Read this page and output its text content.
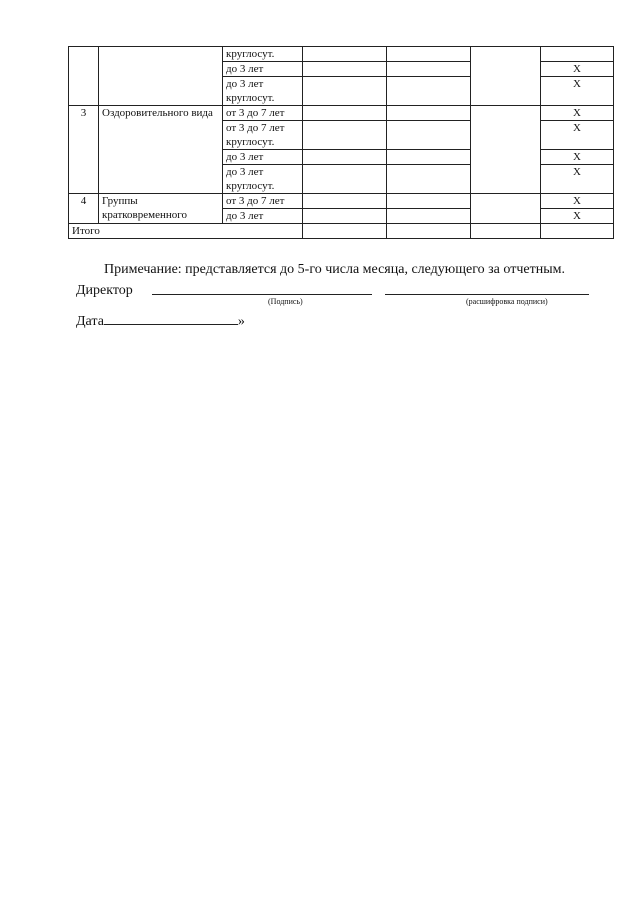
		круглосут.				
		до 3 лет				Х
		до 3 лет круглосут.				Х
3	Оздоровительного вида	от 3 до 7 лет				Х
		от 3 до 7 лет круглосут.				Х
		до 3 лет				Х
		до 3 лет круглосут.				Х
4	Группы кратковременного	от 3 до 7 лет				Х
		до 3 лет				Х
Итого						
Примечание: представляется до 5-го числа месяца, следующего за отчетным.
Директор
(Подпись)	(расшифровка подписи)
Дата	»
